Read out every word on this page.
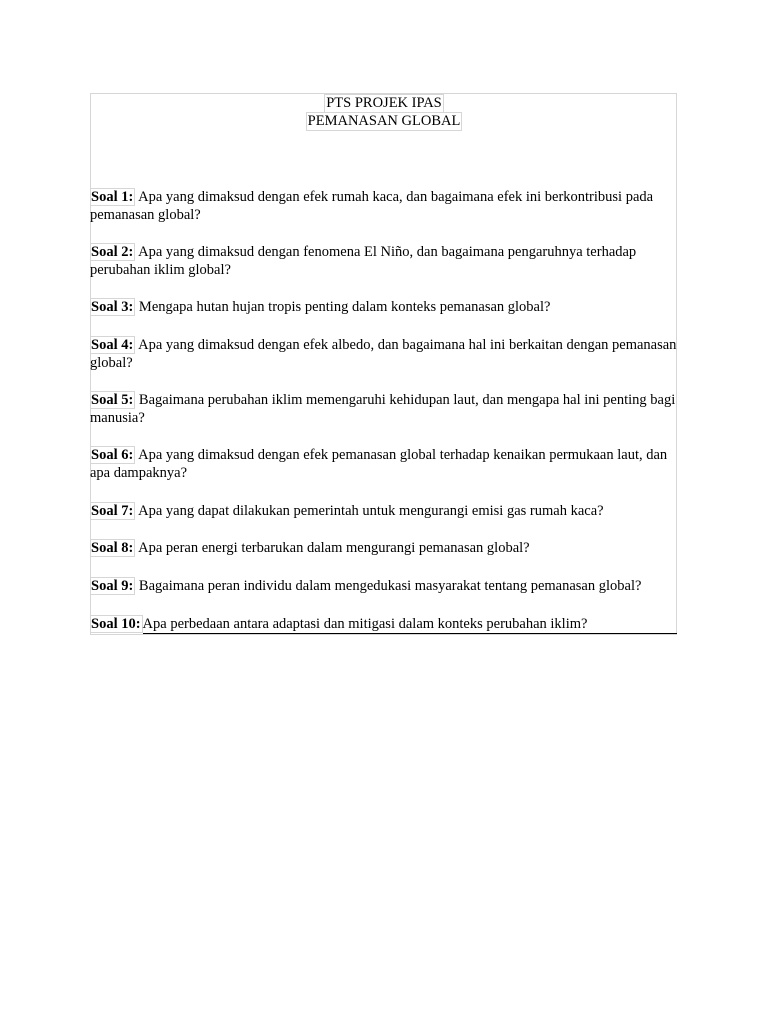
PTS PROJEK IPAS
PEMANASAN GLOBAL

Soal 1: Apa yang dimaksud dengan efek rumah kaca, dan bagaimana efek ini berkontribusi pada pemanasan global?

Soal 2: Apa yang dimaksud dengan fenomena El Niño, dan bagaimana pengaruhnya terhadap perubahan iklim global?

Soal 3: Mengapa hutan hujan tropis penting dalam konteks pemanasan global?

Soal 4: Apa yang dimaksud dengan efek albedo, dan bagaimana hal ini berkaitan dengan pemanasan global?

Soal 5: Bagaimana perubahan iklim memengaruhi kehidupan laut, dan mengapa hal ini penting bagi manusia?

Soal 6: Apa yang dimaksud dengan efek pemanasan global terhadap kenaikan permukaan laut, dan apa dampaknya?

Soal 7: Apa yang dapat dilakukan pemerintah untuk mengurangi emisi gas rumah kaca?

Soal 8: Apa peran energi terbarukan dalam mengurangi pemanasan global?

Soal 9: Bagaimana peran individu dalam mengedukasi masyarakat tentang pemanasan global?

Soal 10:Apa perbedaan antara adaptasi dan mitigasi dalam konteks perubahan iklim?
